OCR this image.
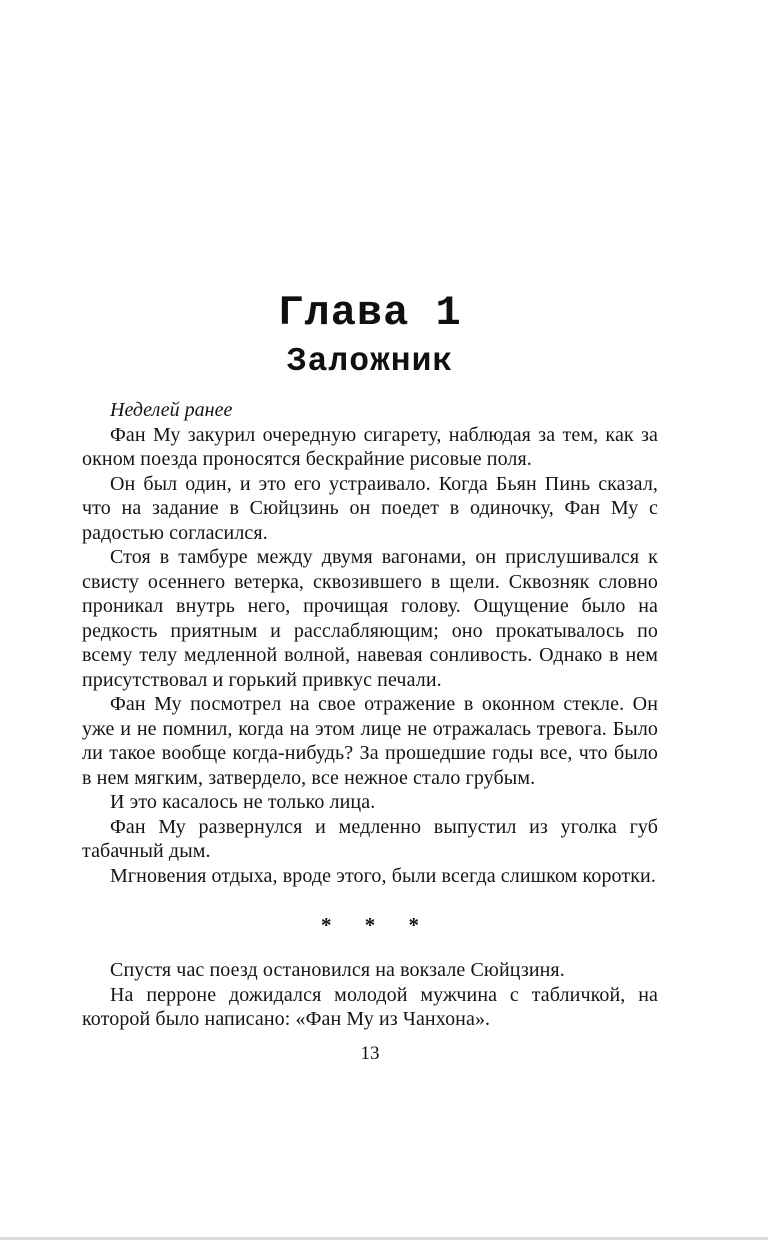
Глава 1
Заложник

Неделей ранее

Фан Му закурил очередную сигарету, наблюдая за тем, как за окном поезда проносятся бескрайние рисовые поля.

Он был один, и это его устраивало. Когда Бьян Пинь сказал, что на задание в Сюйцзинь он поедет в одиночку, Фан Му с радостью согласился.

Стоя в тамбуре между двумя вагонами, он прислушивался к свисту осеннего ветерка, сквозившего в щели. Сквозняк словно проникал внутрь него, прочищая голову. Ощущение было на редкость приятным и расслабляющим; оно прокатывалось по всему телу медленной волной, навевая сонливость. Однако в нем присутствовал и горький привкус печали.

Фан Му посмотрел на свое отражение в оконном стекле. Он уже и не помнил, когда на этом лице не отражалась тревога. Было ли такое вообще когда-нибудь? За прошедшие годы все, что было в нем мягким, затвердело, все нежное стало грубым.

И это касалось не только лица.

Фан Му развернулся и медленно выпустил из уголка губ табачный дым.

Мгновения отдыха, вроде этого, были всегда слишком коротки.

* * *

Спустя час поезд остановился на вокзале Сюйцзиня.

На перроне дожидался молодой мужчина с табличкой, на которой было написано: «Фан Му из Чанхона».

13
